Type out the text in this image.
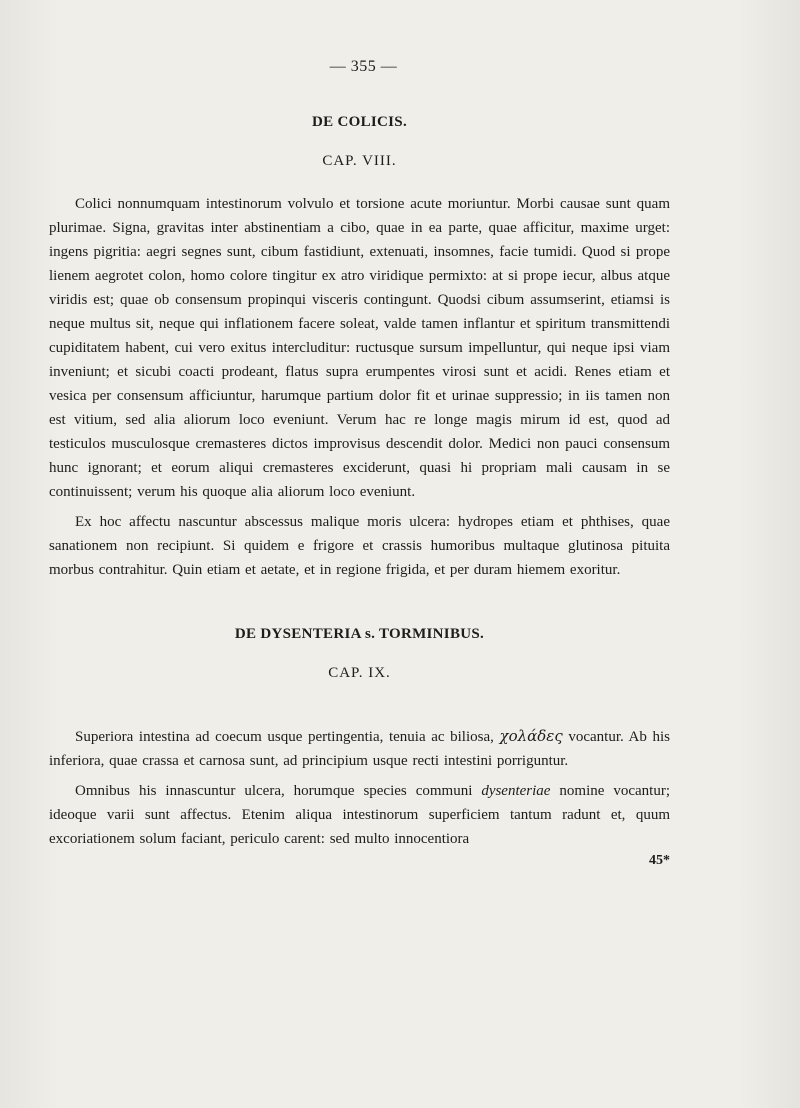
— 355 —
DE COLICIS.
CAP. VIII.

Colici nonnumquam intestinorum volvulo et torsione acute moriuntur. Morbi causae sunt quam plurimae. Signa, gravitas inter abstinentiam a cibo, quae in ea parte, quae afficitur, maxime urget: ingens pigritia: aegri segnes sunt, cibum fastidiunt, extenuati, insomnes, facie tumidi. Quod si prope lienem aegrotet colon, homo colore tingitur ex atro viridique permixto: at si prope iecur, albus atque viridis est; quae ob consensum propinqui visceris contingunt. Quodsi cibum assumserint, etiamsi is neque multus sit, neque qui inflationem facere soleat, valde tamen inflantur et spiritum transmittendi cupiditatem habent, cui vero exitus intercluditur: ructusque sursum impelluntur, qui neque ipsi viam inveniunt; et sicubi coacti prodeant, flatus supra erumpentes virosi sunt et acidi. Renes etiam et vesica per consensum afficiuntur, harumque partium dolor fit et urinae suppressio; in iis tamen non est vitium, sed alia aliorum loco eveniunt. Verum hac re longe magis mirum id est, quod ad testiculos musculosque cremasteres dictos improvisus descendit dolor. Medici non pauci consensum hunc ignorant; et eorum aliqui cremasteres exciderunt, quasi hi propriam mali causam in se continuissent; verum his quoque alia aliorum loco eveniunt.

Ex hoc affectu nascuntur abscessus malique moris ulcera: hydropes etiam et phthises, quae sanationem non recipiunt. Si quidem e frigore et crassis humoribus multaque glutinosa pituita morbus contrahitur. Quin etiam et aetate, et in regione frigida, et per duram hiemem exoritur.

DE DYSENTERIA s. TORMINIBUS.
CAP. IX.

Superiora intestina ad coecum usque pertingentia, tenuia ac biliosa, χολάδες vocantur. Ab his inferiora, quae crassa et carnosa sunt, ad principium usque recti intestini porriguntur.

Omnibus his innascuntur ulcera, horumque species communi dysenteriae nomine vocantur; ideoque varii sunt affectus. Etenim aliqua intestinorum superficiem tantum radunt et, quum excoriationem solum faciant, periculo carent: sed multo innocentiora

45*
